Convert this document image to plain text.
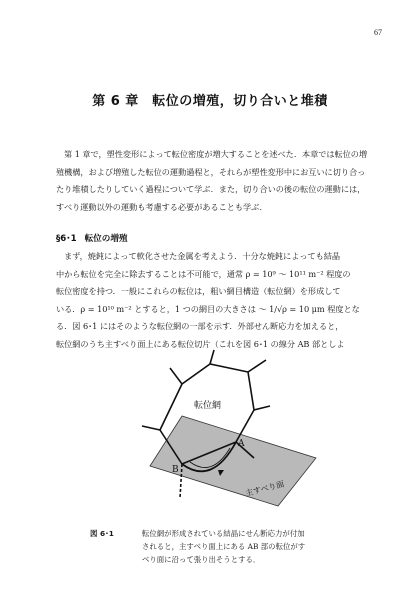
67
第 6 章　転位の増殖，切り合いと堆積
第 1 章で，塑性変形によって転位密度が増大することを述べた．本章では転位の増
殖機構，および増殖した転位の運動過程と，それらが塑性変形中にお互いに切り合っ
たり堆積したりしていく過程について学ぶ．また，切り合いの後の転位の運動には，
すべり運動以外の運動も考慮する必要があることも学ぶ．
§6･1 転位の増殖
まず，焼鈍によって軟化させた金属を考えよう．十分な焼鈍によっても結晶
中から転位を完全に除去することは不可能で，通常 ρ = 10⁹ ～ 10¹¹ m⁻² 程度の
転位密度を持つ．一般にこれらの転位は，粗い網目構造（転位網）を形成して
いる．ρ = 10¹⁰ m⁻² とすると，1 つの網目の大きさは ～ 1/√ρ = 10 μm 程度とな
る．図 6･1 にはそのような転位網の一部を示す．外部せん断応力を加えると，
転位網のうち主すべり面上にある転位切片（これを図 6･1 の線分 AB 部としよ
転位網
A
B
主すべり面
図 6･1	転位網が形成されている結晶にせん断応力が付加
されると，主すべり面上にある AB 部の転位がす
べり面に沿って張り出そうとする．
